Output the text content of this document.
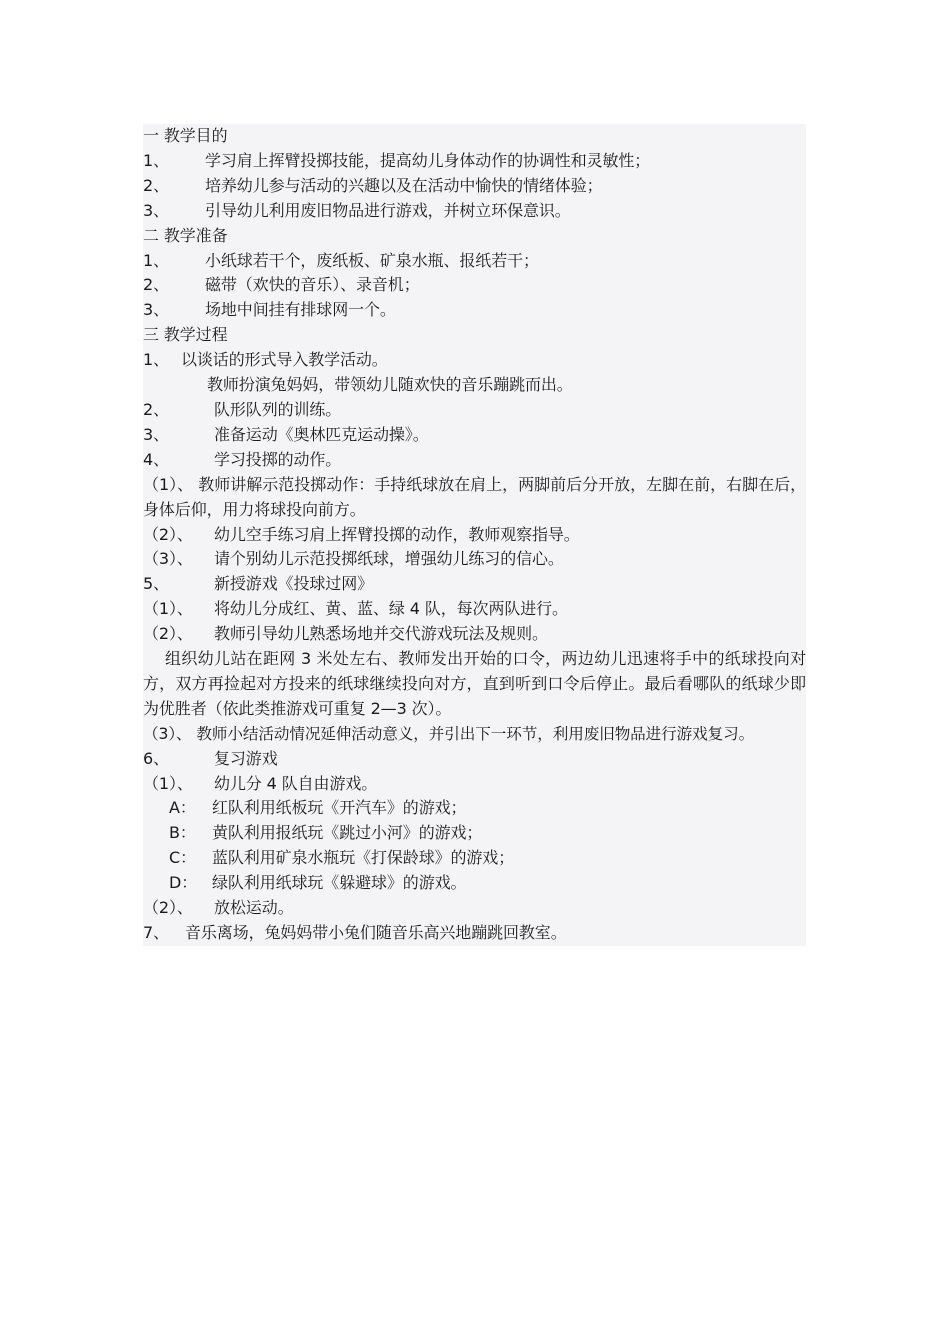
一 教学目的
1、 学习肩上挥臂投掷技能，提高幼儿身体动作的协调性和灵敏性；
2、 培养幼儿参与活动的兴趣以及在活动中愉快的情绪体验；
3、 引导幼儿利用废旧物品进行游戏，并树立环保意识。
二 教学准备
1、 小纸球若干个，废纸板、矿泉水瓶、报纸若干；
2、 磁带（欢快的音乐）、录音机；
3、 场地中间挂有排球网一个。
三 教学过程
1、 以谈话的形式导入教学活动。
教师扮演兔妈妈，带领幼儿随欢快的音乐蹦跳而出。
2、	队形队列的训练。
3、	准备运动《奥林匹克运动操》。
4、	学习投掷的动作。
（1）、 教师讲解示范投掷动作：手持纸球放在肩上，两脚前后分开放，左脚在前，右脚在后，身体后仰，用力将球投向前方。
（2）、 幼儿空手练习肩上挥臂投掷的动作，教师观察指导。
（3）、 请个别幼儿示范投掷纸球，增强幼儿练习的信心。
5、	新授游戏《投球过网》
（1）、 将幼儿分成红、黄、蓝、绿 4 队，每次两队进行。
（2）、 教师引导幼儿熟悉场地并交代游戏玩法及规则。
组织幼儿站在距网 3 米处左右、教师发出开始的口令，两边幼儿迅速将手中的纸球投向对方，双方再捡起对方投来的纸球继续投向对方，直到听到口令后停止。最后看哪队的纸球少即为优胜者（依此类推游戏可重复 2—3 次）。
（3）、 教师小结活动情况延伸活动意义，并引出下一环节，利用废旧物品进行游戏复习。
6、	复习游戏
（1）、 幼儿分 4 队自由游戏。
A： 红队利用纸板玩《开汽车》的游戏；
B： 黄队利用报纸玩《跳过小河》的游戏；
C： 蓝队利用矿泉水瓶玩《打保龄球》的游戏；
D： 绿队利用纸球玩《躲避球》的游戏。
（2）、 放松运动。
7、 音乐离场，兔妈妈带小兔们随音乐高兴地蹦跳回教室。
